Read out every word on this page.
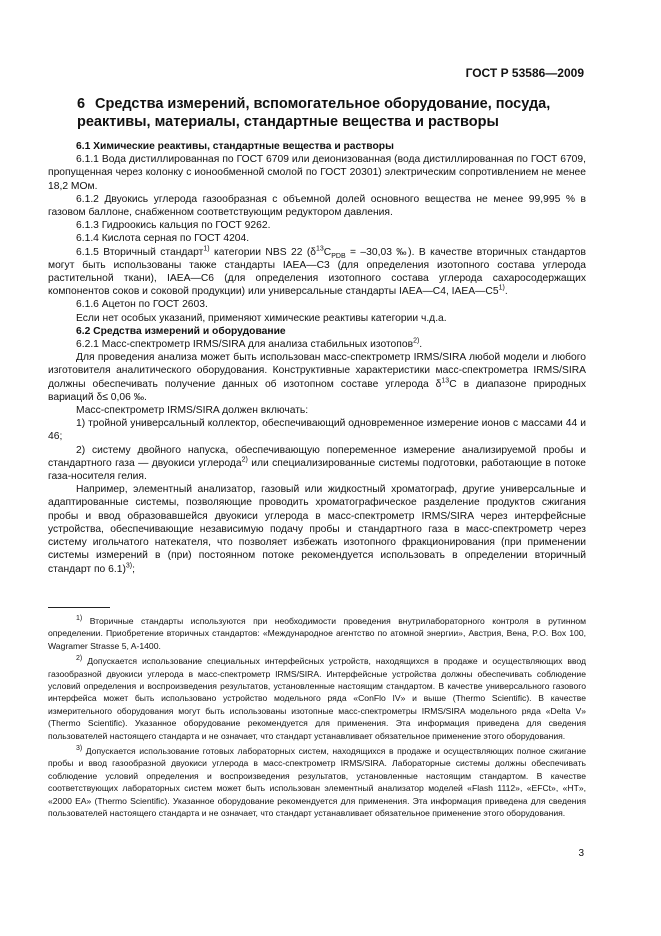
ГОСТ Р 53586—2009
6 Средства измерений, вспомогательное оборудование, посуда, реактивы, материалы, стандартные вещества и растворы

6.1 Химические реактивы, стандартные вещества и растворы

6.1.1 Вода дистиллированная по ГОСТ 6709 или деионизованная (вода дистиллированная по ГОСТ 6709, пропущенная через колонку с ионообменной смолой по ГОСТ 20301) электрическим сопротивлением не менее 18,2 МОм.

6.1.2 Двуокись углерода газообразная с объемной долей основного вещества не менее 99,995 % в газовом баллоне, снабженном соответствующим редуктором давления.

6.1.3 Гидроокись кальция по ГОСТ 9262.

6.1.4 Кислота серная по ГОСТ 4204.

6.1.5 Вторичный стандарт$^{1)}$ категории NBS 22 ($\delta^{13}C_{PDB} = -30,03$ ‰). В качестве вторичных стандартов могут быть использованы также стандарты IAEA—C3 (для определения изотопного состава углерода растительной ткани), IAEA—C6 (для определения изотопного состава углерода сахаросодержащих компонентов соков и соковой продукции) или универсальные стандарты IAEA—C4, IAEA—C5$^{1)}$.

6.1.6 Ацетон по ГОСТ 2603.

Если нет особых указаний, применяют химические реактивы категории ч.д.а.

6.2 Средства измерений и оборудование

6.2.1 Масс-спектрометр IRMS/SIRA для анализа стабильных изотопов$^{2)}$.

Для проведения анализа может быть использован масс-спектрометр IRMS/SIRA любой модели и любого изготовителя аналитического оборудования. Конструктивные характеристики масс-спектрометра IRMS/SIRA должны обеспечивать получение данных об изотопном составе углерода $\delta^{13}C$ в диапазоне природных вариаций δ≤ 0,06 ‰.

Масс-спектрометр IRMS/SIRA должен включать:

1) тройной универсальный коллектор, обеспечивающий одновременное измерение ионов с массами 44 и 46;

2) систему двойного напуска, обеспечивающую попеременное измерение анализируемой пробы и стандартного газа — двуокиси углерода$^{2)}$ или специализированные системы подготовки, работающие в потоке газа-носителя гелия.

Например, элементный анализатор, газовый или жидкостный хроматограф, другие универсальные и адаптированные системы, позволяющие проводить хроматографическое разделение продуктов сжигания пробы и ввод образовавшейся двуокиси углерода в масс-спектрометр IRMS/SIRA через интерфейсные устройства, обеспечивающие независимую подачу пробы и стандартного газа в масс-спектрометр через систему игольчатого натекателя, что позволяет избежать изотопного фракционирования (при применении системы измерений в (при) постоянном потоке рекомендуется использовать в определении вторичный стандарт по 6.1)$^{3)}$;

$^{1)}$ Вторичные стандарты используются при необходимости проведения внутрилабораторного контроля в рутинном определении. Приобретение вторичных стандартов: «Международное агентство по атомной энергии», Австрия, Вена, P.O. Box 100, Wagramer Strasse 5, A-1400.

$^{2)}$ Допускается использование специальных интерфейсных устройств, находящихся в продаже и осуществляющих ввод газообразной двуокиси углерода в масс-спектрометр IRMS/SIRA. Интерфейсные устройства должны обеспечивать соблюдение условий определения и воспроизведения результатов, установленные настоящим стандартом. В качестве универсального газового интерфейса может быть использовано устройство модельного ряда «ConFlo IV» и выше (Thermo Scientific). В качестве измерительного оборудования могут быть использованы изотопные масс-спектрометры IRMS/SIRA модельного ряда «Delta V» (Thermo Scientific). Указанное оборудование рекомендуется для применения. Эта информация приведена для сведения пользователей настоящего стандарта и не означает, что стандарт устанавливает обязательное применение этого оборудования.

$^{3)}$ Допускается использование готовых лабораторных систем, находящихся в продаже и осуществляющих полное сжигание пробы и ввод газообразной двуокиси углерода в масс-спектрометр IRMS/SIRA. Лабораторные системы должны обеспечивать соблюдение условий определения и воспроизведения результатов, установленные настоящим стандартом. В качестве соответствующих лабораторных систем может быть использован элементный анализатор моделей «Flash 1112», «EFCt», «HT», «2000 EA» (Thermo Scientific). Указанное оборудование рекомендуется для применения. Эта информация приведена для сведения пользователей настоящего стандарта и не означает, что стандарт устанавливает обязательное применение этого оборудования.

3
